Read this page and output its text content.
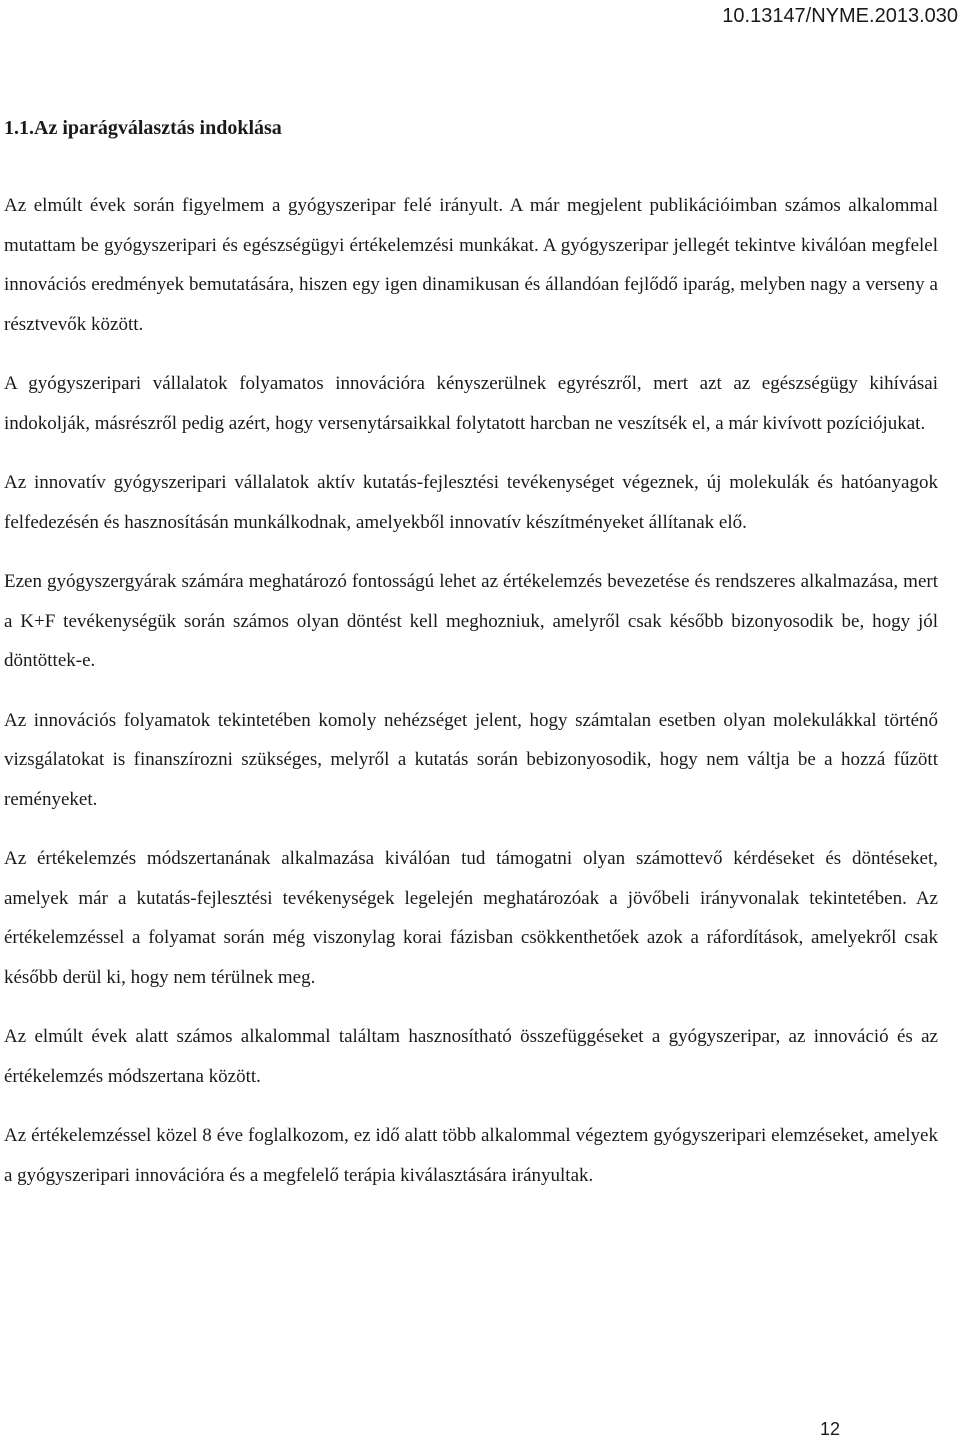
10.13147/NYME.2013.030
1.1.Az iparágválasztás indoklása

Az elmúlt évek során figyelmem a gyógyszeripar felé irányult. A már megjelent publikációimban számos alkalommal mutattam be gyógyszeripari és egészségügyi értékelemzési munkákat. A gyógyszeripar jellegét tekintve kiválóan megfelel innovációs eredmények bemutatására, hiszen egy igen dinamikusan és állandóan fejlődő iparág, melyben nagy a verseny a résztvevők között.

A gyógyszeripari vállalatok folyamatos innovációra kényszerülnek egyrészről, mert azt az egészségügy kihívásai indokolják, másrészről pedig azért, hogy versenytársaikkal folytatott harcban ne veszítsék el, a már kivívott pozíciójukat.

Az innovatív gyógyszeripari vállalatok aktív kutatás-fejlesztési tevékenységet végeznek, új molekulák és hatóanyagok felfedezésén és hasznosításán munkálkodnak, amelyekből innovatív készítményeket állítanak elő.

Ezen gyógyszergyárak számára meghatározó fontosságú lehet az értékelemzés bevezetése és rendszeres alkalmazása, mert a K+F tevékenységük során számos olyan döntést kell meghozniuk, amelyről csak később bizonyosodik be, hogy jól döntöttek-e.

Az innovációs folyamatok tekintetében komoly nehézséget jelent, hogy számtalan esetben olyan molekulákkal történő vizsgálatokat is finanszírozni szükséges, melyről a kutatás során bebizonyosodik, hogy nem váltja be a hozzá fűzött reményeket.

Az értékelemzés módszertanának alkalmazása kiválóan tud támogatni olyan számottevő kérdéseket és döntéseket, amelyek már a kutatás-fejlesztési tevékenységek legelején meghatározóak a jövőbeli irányvonalak tekintetében. Az értékelemzéssel a folyamat során még viszonylag korai fázisban csökkenthetőek azok a ráfordítások, amelyekről csak később derül ki, hogy nem térülnek meg.

Az elmúlt évek alatt számos alkalommal találtam hasznosítható összefüggéseket a gyógyszeripar, az innováció és az értékelemzés módszertana között.

Az értékelemzéssel közel 8 éve foglalkozom, ez idő alatt több alkalommal végeztem gyógyszeripari elemzéseket, amelyek a gyógyszeripari innovációra és a megfelelő terápia kiválasztására irányultak.

12
